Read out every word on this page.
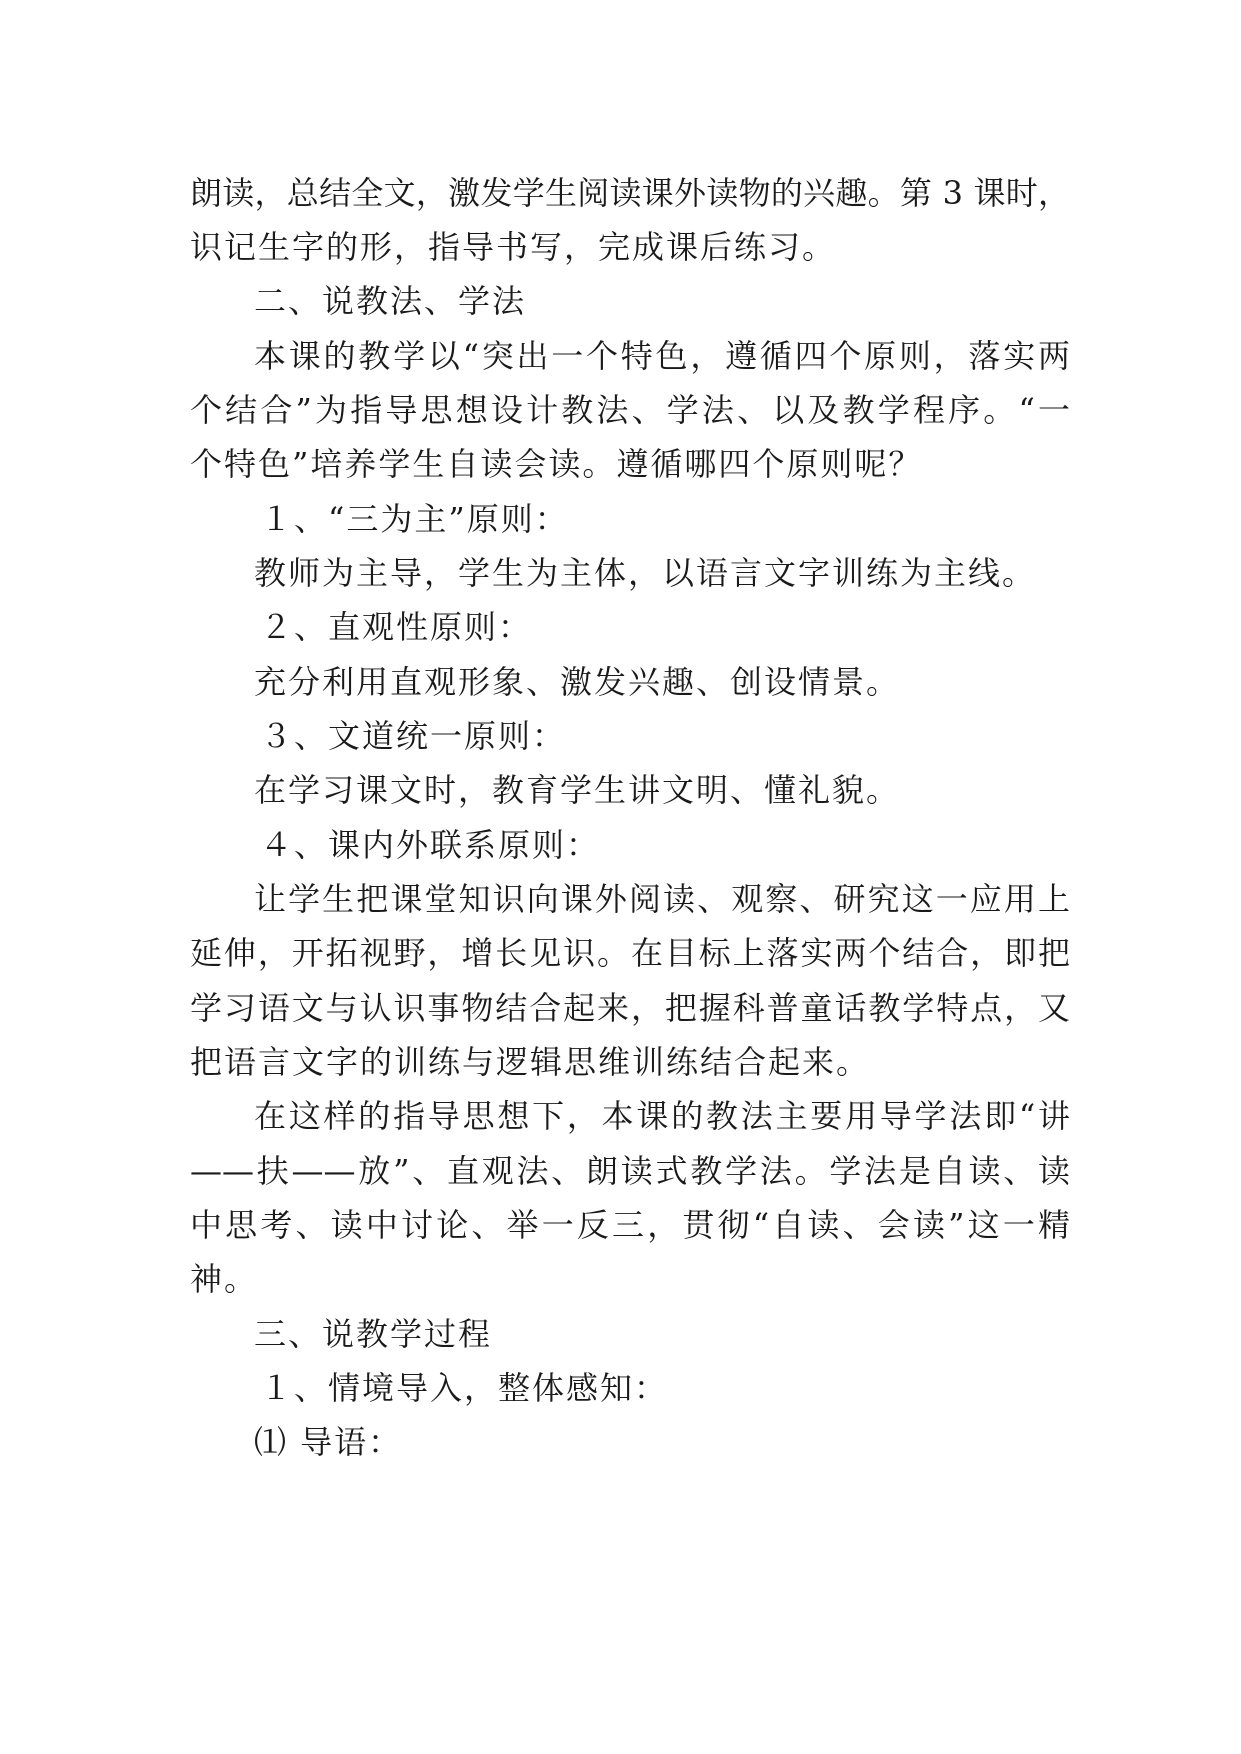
朗读，总结全文，激发学生阅读课外读物的兴趣。第 3 课时，
识记生字的形，指导书写，完成课后练习。
二、说教法、学法
本课的教学以“突出一个特色，遵循四个原则，落实两
个结合”为指导思想设计教法、学法、以及教学程序。“一
个特色”培养学生自读会读。遵循哪四个原则呢？
１、“三为主”原则：
教师为主导，学生为主体，以语言文字训练为主线。
２、直观性原则：
充分利用直观形象、激发兴趣、创设情景。
３、文道统一原则：
在学习课文时，教育学生讲文明、懂礼貌。
４、课内外联系原则：
让学生把课堂知识向课外阅读、观察、研究这一应用上
延伸，开拓视野，增长见识。在目标上落实两个结合，即把
学习语文与认识事物结合起来，把握科普童话教学特点，又
把语言文字的训练与逻辑思维训练结合起来。
在这样的指导思想下，本课的教法主要用导学法即“讲
——扶——放”、直观法、朗读式教学法。学法是自读、读
中思考、读中讨论、举一反三，贯彻“自读、会读”这一精
神。
三、说教学过程
１、情境导入，整体感知：
⑴ 导语：
